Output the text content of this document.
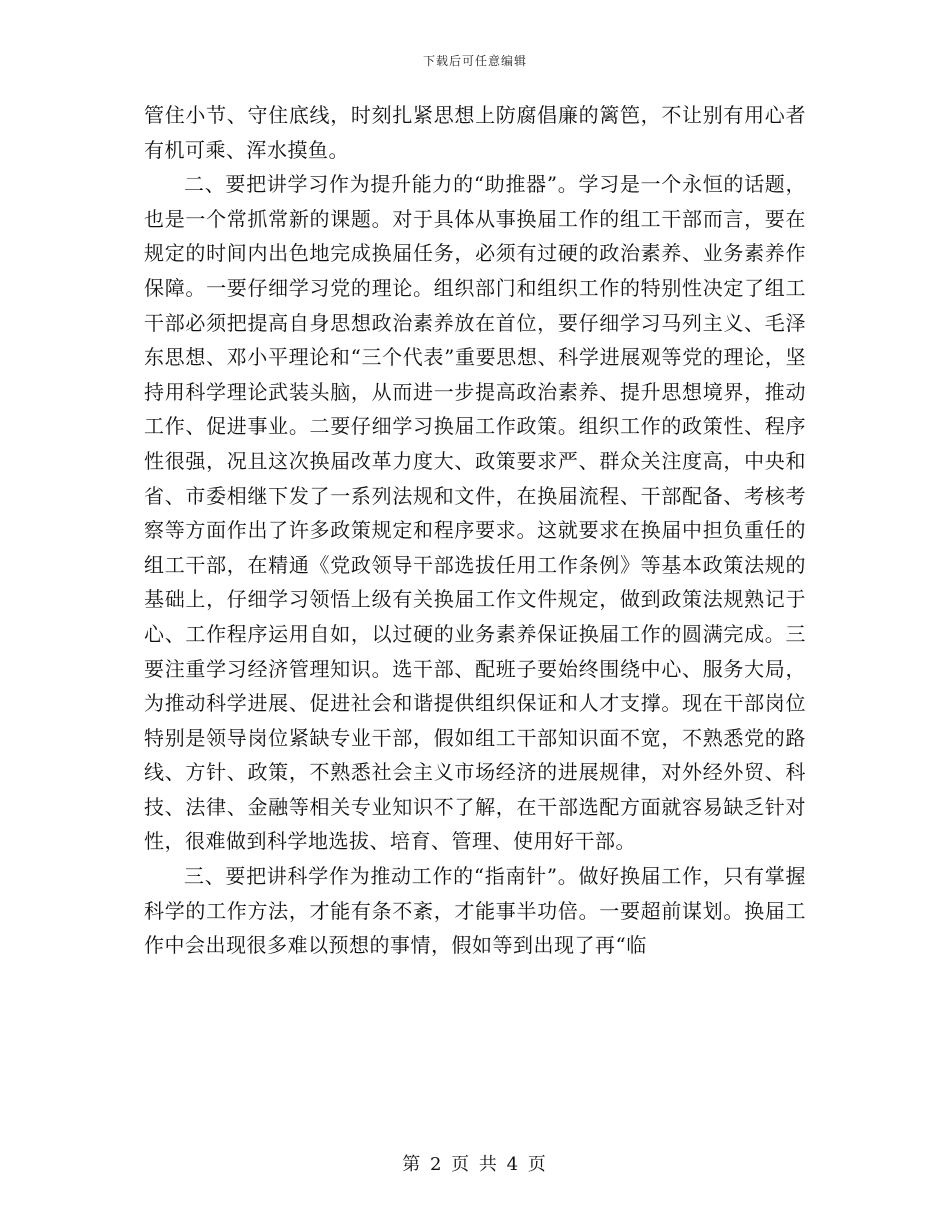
下载后可任意编辑

管住小节、守住底线，时刻扎紧思想上防腐倡廉的篱笆，不让别有用心者有机可乘、浑水摸鱼。

二、要把讲学习作为提升能力的“助推器”。学习是一个永恒的话题，也是一个常抓常新的课题。对于具体从事换届工作的组工干部而言，要在规定的时间内出色地完成换届任务，必须有过硬的政治素养、业务素养作保障。一要仔细学习党的理论。组织部门和组织工作的特别性决定了组工干部必须把提高自身思想政治素养放在首位，要仔细学习马列主义、毛泽东思想、邓小平理论和“三个代表”重要思想、科学进展观等党的理论，坚持用科学理论武装头脑，从而进一步提高政治素养、提升思想境界，推动工作、促进事业。二要仔细学习换届工作政策。组织工作的政策性、程序性很强，况且这次换届改革力度大、政策要求严、群众关注度高，中央和省、市委相继下发了一系列法规和文件，在换届流程、干部配备、考核考察等方面作出了许多政策规定和程序要求。这就要求在换届中担负重任的组工干部，在精通《党政领导干部选拔任用工作条例》等基本政策法规的基础上，仔细学习领悟上级有关换届工作文件规定，做到政策法规熟记于心、工作程序运用自如，以过硬的业务素养保证换届工作的圆满完成。三要注重学习经济管理知识。选干部、配班子要始终围绕中心、服务大局，为推动科学进展、促进社会和谐提供组织保证和人才支撑。现在干部岗位特别是领导岗位紧缺专业干部，假如组工干部知识面不宽，不熟悉党的路线、方针、政策，不熟悉社会主义市场经济的进展规律，对外经外贸、科技、法律、金融等相关专业知识不了解，在干部选配方面就容易缺乏针对性，很难做到科学地选拔、培育、管理、使用好干部。

三、要把讲科学作为推动工作的“指南针”。做好换届工作，只有掌握科学的工作方法，才能有条不紊，才能事半功倍。一要超前谋划。换届工作中会出现很多难以预想的事情，假如等到出现了再“临

第 2 页 共 4 页
